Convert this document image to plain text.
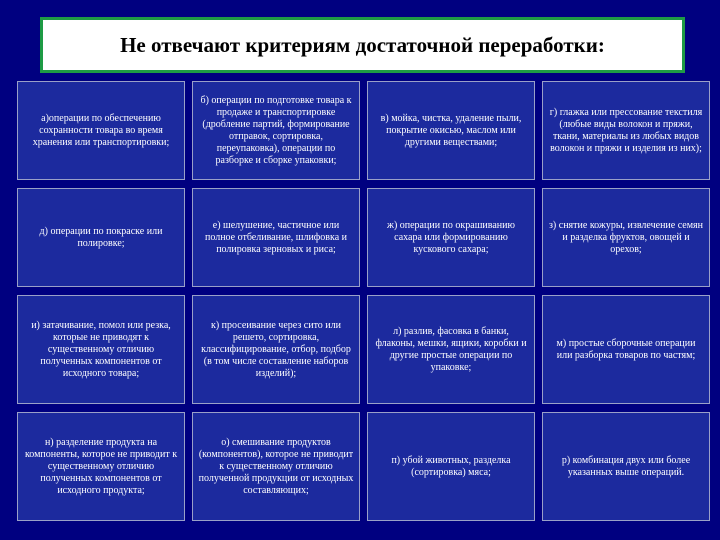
Не отвечают критериям достаточной переработки:
а)операции по обеспечению сохранности товара во время хранения или транспортировки;
б) операции по подготовке товара к продаже и транспортировке (дробление партий, формирование отправок, сортировка, переупаковка), операции по разборке и сборке упаковки;
в) мойка, чистка, удаление пыли, покрытие окисью, маслом или другими веществами;
г) глажка или прессование текстиля (любые виды волокон и пряжи, ткани, материалы из любых видов волокон и пряжи и изделия из них);
д) операции по покраске или полировке;
е) шелушение, частичное или полное отбеливание, шлифовка и полировка зерновых и риса;
ж) операции по окрашиванию сахара или формированию кускового сахара;
з) снятие кожуры, извлечение семян и разделка фруктов, овощей и орехов;
и) затачивание, помол или резка, которые не приводят к существенному отличию полученных компонентов от исходного товара;
к) просеивание через сито или решето, сортировка, классифицирование, отбор, подбор (в том числе составление наборов изделий);
л) разлив, фасовка в банки, флаконы, мешки, ящики, коробки и другие простые операции по упаковке;
м) простые сборочные операции или разборка товаров по частям;
н) разделение продукта на компоненты, которое не приводит к существенному отличию полученных компонентов от исходного продукта;
о) смешивание продуктов (компонентов), которое не приводит к существенному отличию полученной продукции от исходных составляющих;
п) убой животных, разделка (сортировка) мяса;
р) комбинация двух или более указанных выше операций.
